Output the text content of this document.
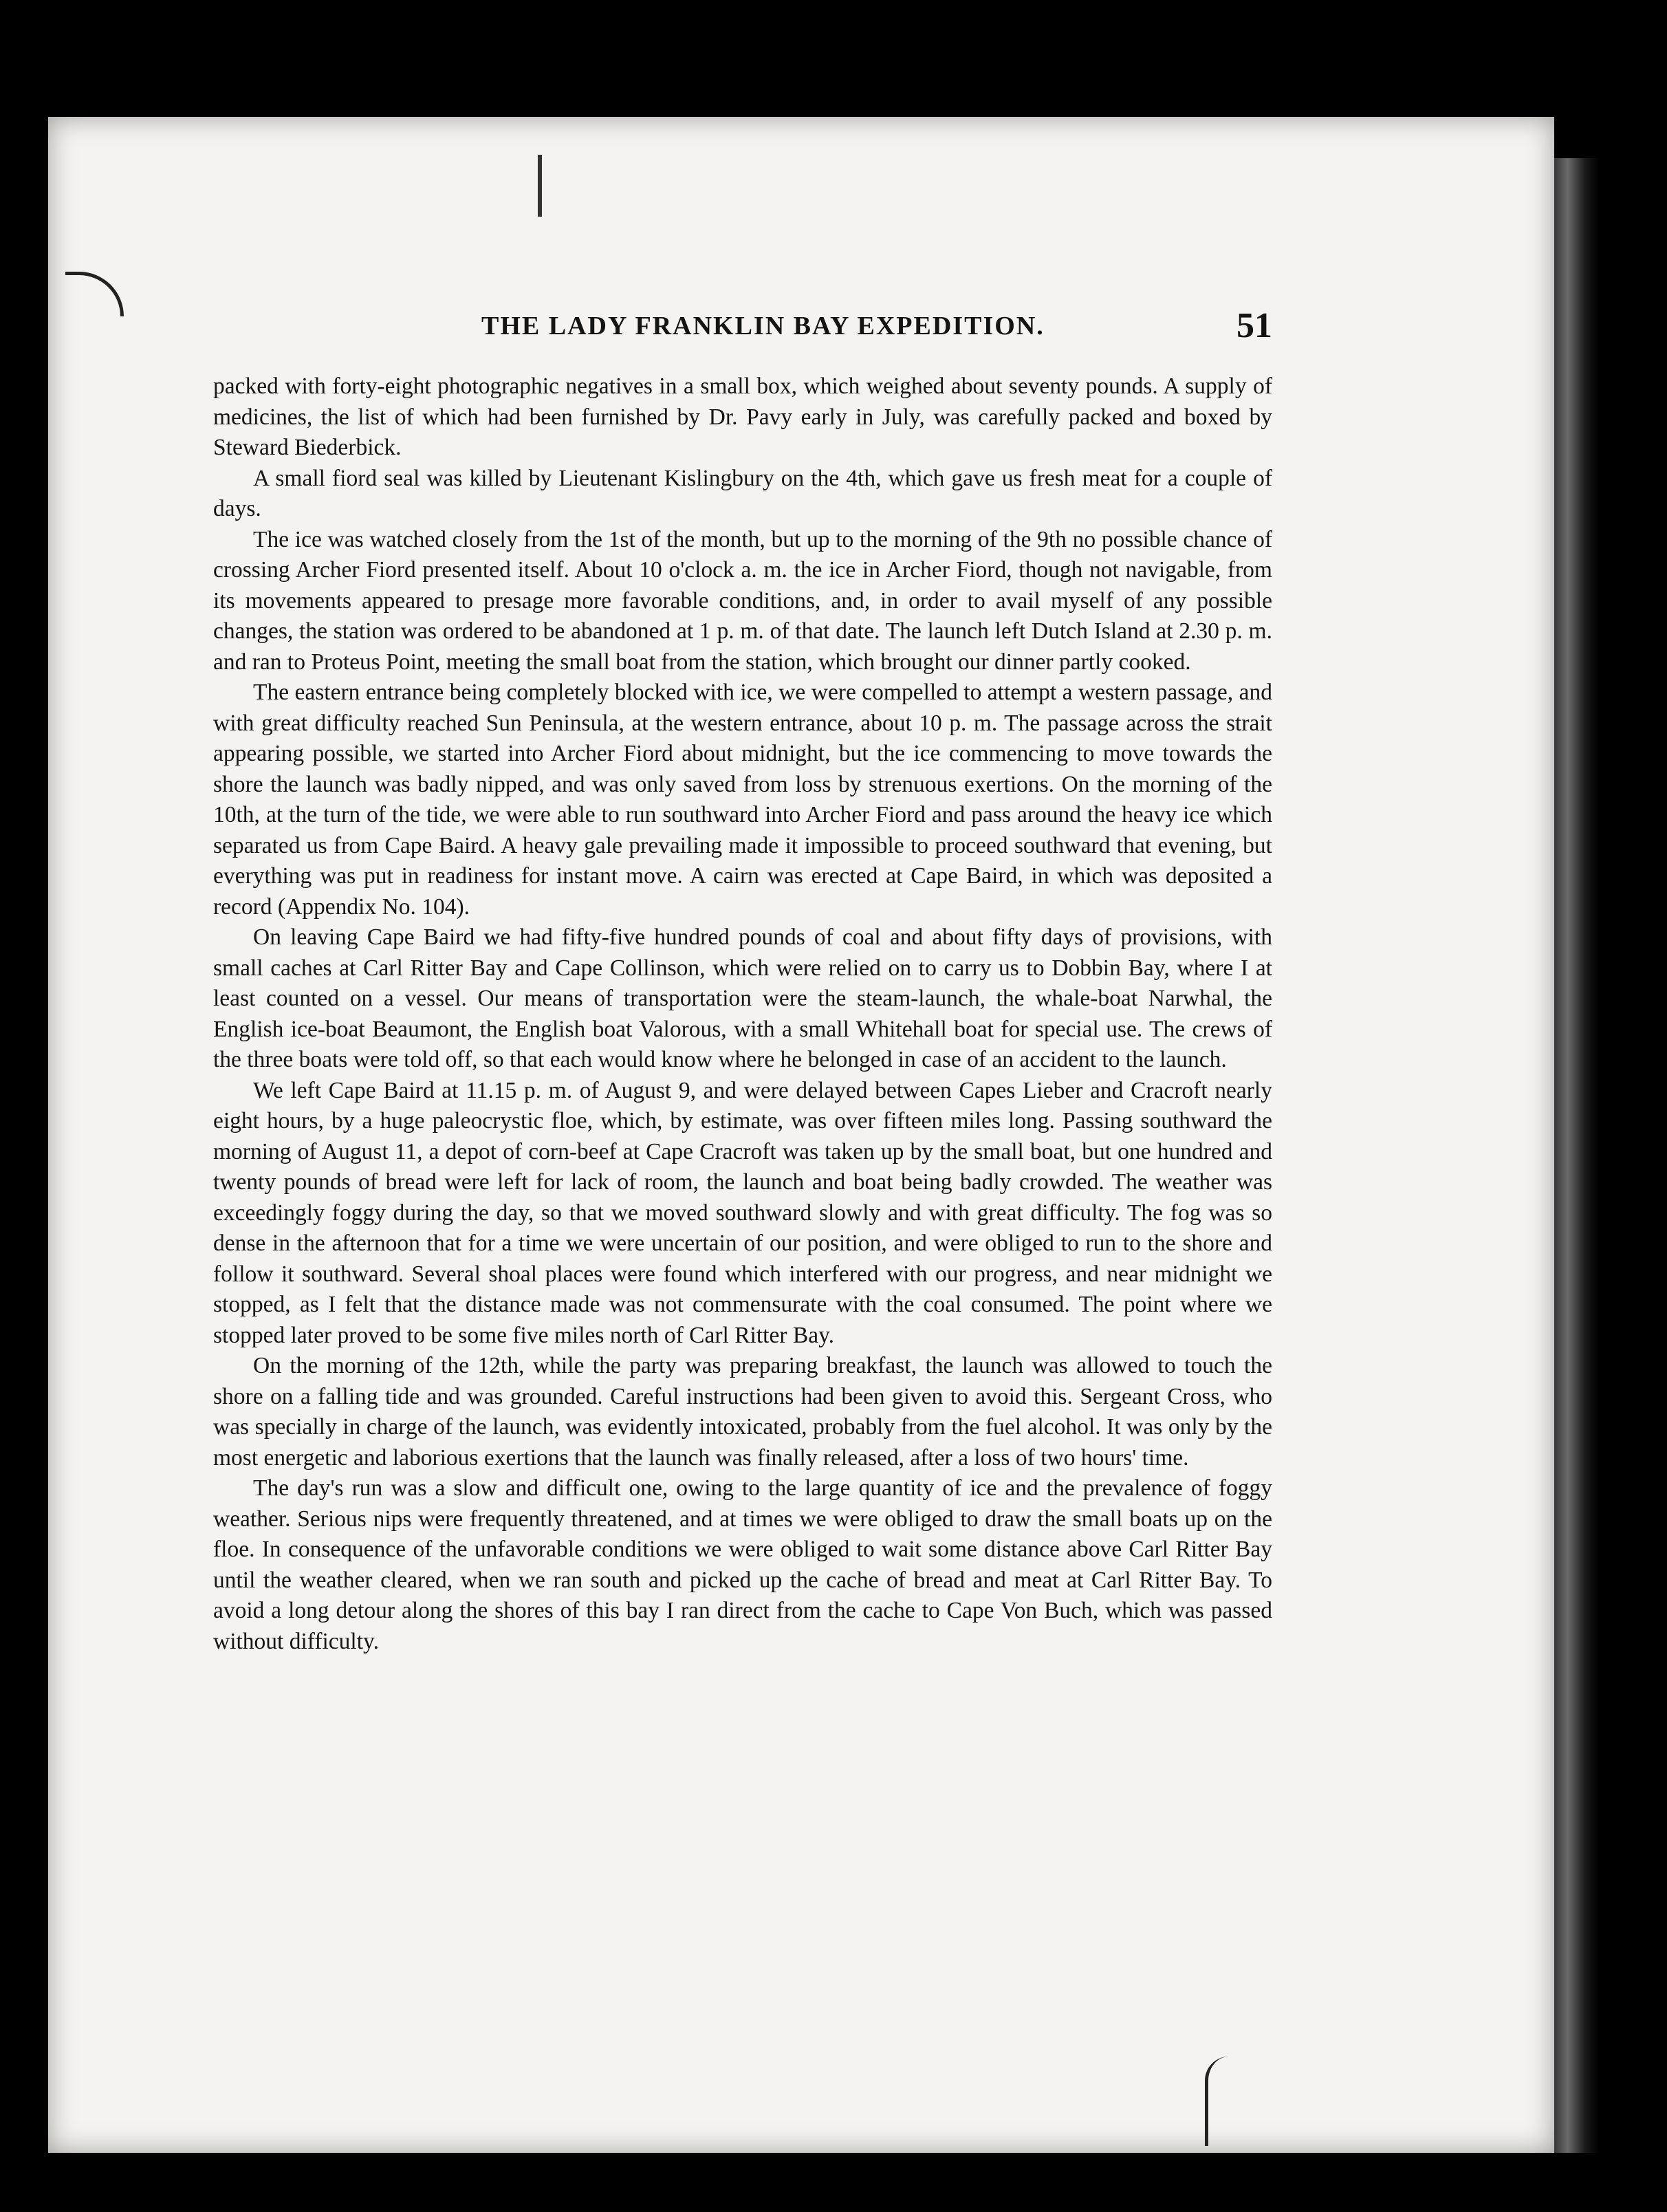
THE LADY FRANKLIN BAY EXPEDITION.	51

packed with forty-eight photographic negatives in a small box, which weighed about seventy pounds. A supply of medicines, the list of which had been furnished by Dr. Pavy early in July, was carefully packed and boxed by Steward Biederbick.

A small fiord seal was killed by Lieutenant Kislingbury on the 4th, which gave us fresh meat for a couple of days.

The ice was watched closely from the 1st of the month, but up to the morning of the 9th no possible chance of crossing Archer Fiord presented itself. About 10 o'clock a. m. the ice in Archer Fiord, though not navigable, from its movements appeared to presage more favorable conditions, and, in order to avail myself of any possible changes, the station was ordered to be abandoned at 1 p. m. of that date. The launch left Dutch Island at 2.30 p. m. and ran to Proteus Point, meeting the small boat from the station, which brought our dinner partly cooked.

The eastern entrance being completely blocked with ice, we were compelled to attempt a western passage, and with great difficulty reached Sun Peninsula, at the western entrance, about 10 p. m. The passage across the strait appearing possible, we started into Archer Fiord about midnight, but the ice commencing to move towards the shore the launch was badly nipped, and was only saved from loss by strenuous exertions. On the morning of the 10th, at the turn of the tide, we were able to run southward into Archer Fiord and pass around the heavy ice which separated us from Cape Baird. A heavy gale prevailing made it impossible to proceed southward that evening, but everything was put in readiness for instant move. A cairn was erected at Cape Baird, in which was deposited a record (Appendix No. 104).

On leaving Cape Baird we had fifty-five hundred pounds of coal and about fifty days of provisions, with small caches at Carl Ritter Bay and Cape Collinson, which were relied on to carry us to Dobbin Bay, where I at least counted on a vessel. Our means of transportation were the steam-launch, the whale-boat Narwhal, the English ice-boat Beaumont, the English boat Valorous, with a small Whitehall boat for special use. The crews of the three boats were told off, so that each would know where he belonged in case of an accident to the launch.

We left Cape Baird at 11.15 p. m. of August 9, and were delayed between Capes Lieber and Cracroft nearly eight hours, by a huge paleocrystic floe, which, by estimate, was over fifteen miles long. Passing southward the morning of August 11, a depot of corn-beef at Cape Cracroft was taken up by the small boat, but one hundred and twenty pounds of bread were left for lack of room, the launch and boat being badly crowded. The weather was exceedingly foggy during the day, so that we moved southward slowly and with great difficulty. The fog was so dense in the afternoon that for a time we were uncertain of our position, and were obliged to run to the shore and follow it southward. Several shoal places were found which interfered with our progress, and near midnight we stopped, as I felt that the distance made was not commensurate with the coal consumed. The point where we stopped later proved to be some five miles north of Carl Ritter Bay.

On the morning of the 12th, while the party was preparing breakfast, the launch was allowed to touch the shore on a falling tide and was grounded. Careful instructions had been given to avoid this. Sergeant Cross, who was specially in charge of the launch, was evidently intoxicated, probably from the fuel alcohol. It was only by the most energetic and laborious exertions that the launch was finally released, after a loss of two hours' time.

The day's run was a slow and difficult one, owing to the large quantity of ice and the prevalence of foggy weather. Serious nips were frequently threatened, and at times we were obliged to draw the small boats up on the floe. In consequence of the unfavorable conditions we were obliged to wait some distance above Carl Ritter Bay until the weather cleared, when we ran south and picked up the cache of bread and meat at Carl Ritter Bay. To avoid a long detour along the shores of this bay I ran direct from the cache to Cape Von Buch, which was passed without difficulty.
